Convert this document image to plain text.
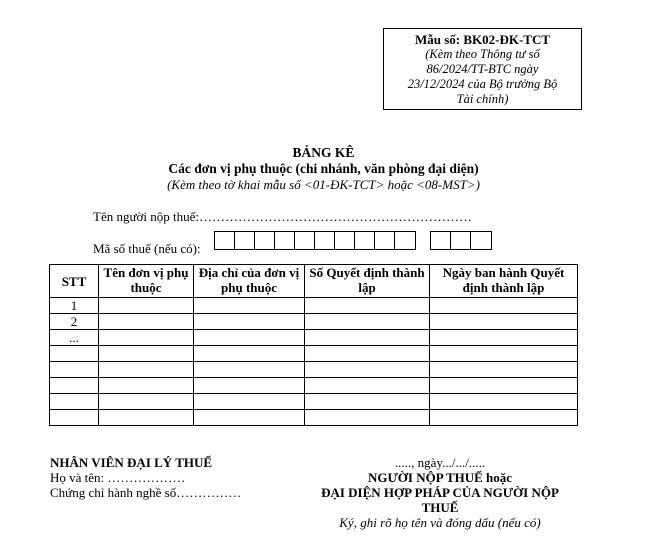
Mẫu số: BK02-ĐK-TCT
(Kèm theo Thông tư số
86/2024/TT-BTC ngày
23/12/2024 của Bộ trưởng Bộ
Tài chính)
BẢNG KÊ
Các đơn vị phụ thuộc (chi nhánh, văn phòng đại diện)
(Kèm theo tờ khai mẫu số <01-ĐK-TCT> hoặc <08-MST>)
Tên người nộp thuế:………………………………………………………
Mã số thuế (nếu có):
STT	Tên đơn vị phụ thuộc	Địa chỉ của đơn vị phụ thuộc	Số Quyết định thành lập	Ngày ban hành Quyết định thành lập
1				
2				
...				

NHÂN VIÊN ĐẠI LÝ THUẾ
Họ và tên: ………………
Chứng chỉ hành nghề số……………
....., ngày.../.../.....
NGƯỜI NỘP THUẾ hoặc
ĐẠI DIỆN HỢP PHÁP CỦA NGƯỜI NỘP
THUẾ
Ký, ghi rõ họ tên và đóng dấu (nếu có)
